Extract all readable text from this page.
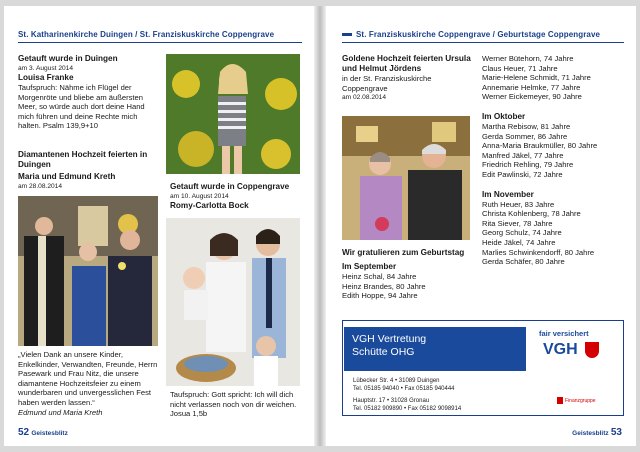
St. Katharinenkirche Duingen / St. Franziskuskirche Coppengrave
Getauft wurde in Duingen
am 3. August 2014
Louisa Franke
Taufspruch: Nähme ich Flügel der Morgenröte und bliebe am äußersten Meer, so würde auch dort deine Hand mich führen und deine Rechte mich halten. Psalm 139,9+10
Diamantenen Hochzeit feierten in Duingen
Maria und Edmund Kreth
am 28.08.2014
„Vielen Dank an unsere Kinder, Enkelkinder, Verwandten, Freunde, Herrn Pasewark und Frau Nitz, die unsere diamantene Hochzeitsfeier zu einem wunderbaren und unvergesslichen Fest haben werden lassen.“
Edmund und Maria Kreth
Getauft wurde in Coppengrave
am 10. August 2014
Romy-Carlotta Bock
Taufspruch: Gott spricht: Ich will dich nicht verlassen noch von dir weichen. Josua 1,5b
52 Geistesblitz
St. Franziskuskirche Coppengrave / Geburtstage Coppengrave
Goldene Hochzeit feierten Ursula und Helmut Jördens
in der St. Franziskuskirche Coppengrave
am 02.08.2014
Wir gratulieren zum Geburtstag
Im September
Heinz Schal, 84 Jahre
Heinz Brandes, 80 Jahre
Edith Hoppe, 94 Jahre
Werner Bütehorn, 74 Jahre
Claus Heuer, 71 Jahre
Marie-Helene Schmidt, 71 Jahre
Annemarie Helmke, 77 Jahre
Werner Eickemeyer, 90 Jahre
Im Oktober
Martha Rebisow, 81 Jahre
Gerda Sommer, 86 Jahre
Anna-Maria Braukmüller, 80 Jahre
Manfred Jäkel, 77 Jahre
Friedrich Rehling, 79 Jahre
Edit Pawlinski, 72 Jahre
Im November
Ruth Heuer, 83 Jahre
Christa Kohlenberg, 78 Jahre
Rita Siever, 78 Jahre
Georg Schulz, 74 Jahre
Heide Jäkel, 74 Jahre
Marlies Schwinkendorff, 80 Jahre
Gerda Schäfer, 80 Jahre
VGH Vertretung
Schütte OHG
fair versichert
VGH
Lübecker Str. 4 • 31089 Duingen
Tel. 05185 94040 • Fax 05185 940444
Hauptstr. 17 • 31028 Gronau
Tel. 05182 909890 • Fax 05182 9098914
Finanzgruppe
Geistesblitz 53
